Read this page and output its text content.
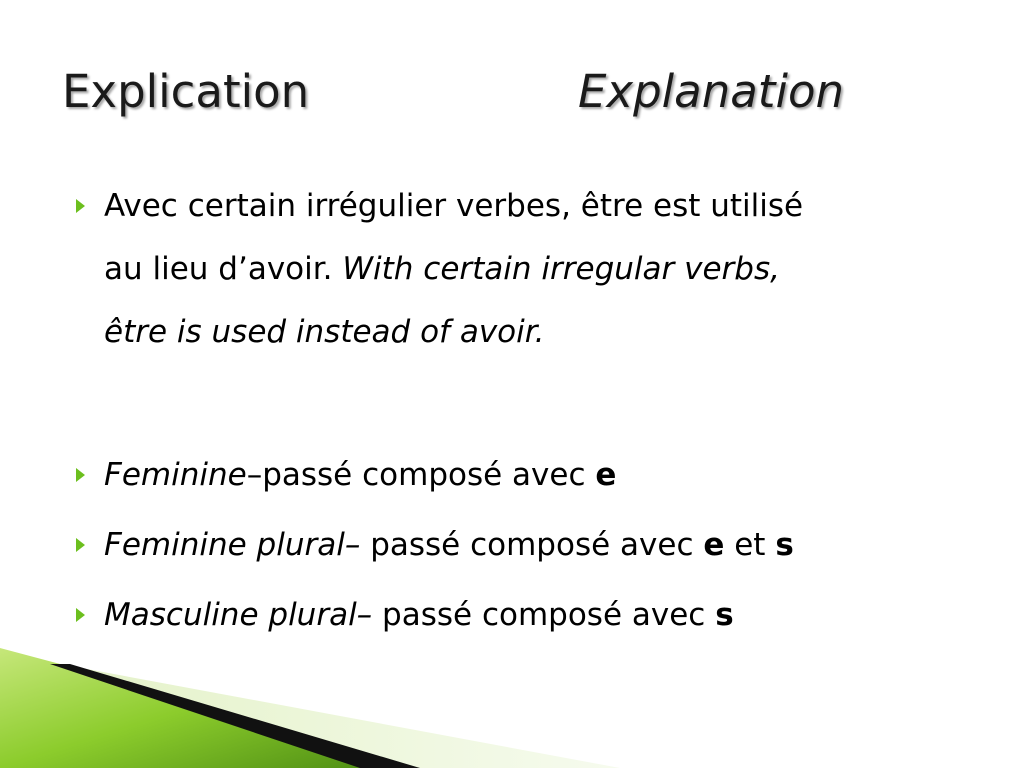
Explication	Explanation
Avec certain irrégulier verbes, être est utilisé
au lieu d’avoir. With certain irregular verbs,
être is used instead of avoir.
Feminine–passé composé avec e
Feminine plural– passé composé avec e et s
Masculine plural– passé composé avec s
